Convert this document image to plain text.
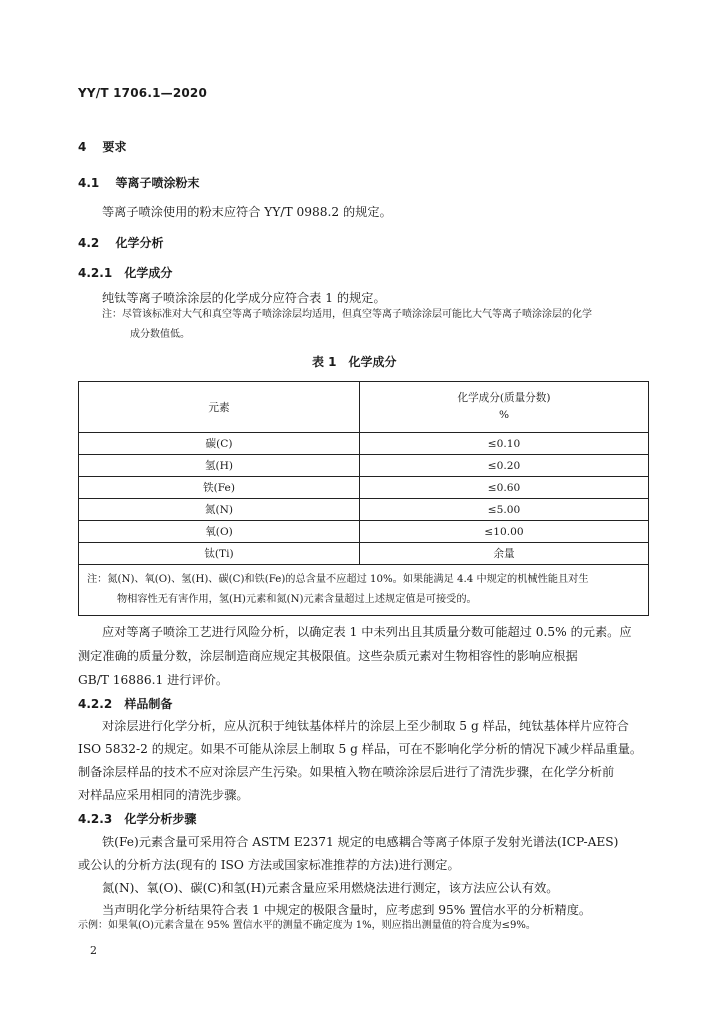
YY/T 1706.1—2020
4 要求
4.1 等离子喷涂粉末
等离子喷涂使用的粉末应符合 YY/T 0988.2 的规定。
4.2 化学分析
4.2.1 化学成分
纯钛等离子喷涂涂层的化学成分应符合表 1 的规定。
注：尽管该标准对大气和真空等离子喷涂涂层均适用，但真空等离子喷涂涂层可能比大气等离子喷涂涂层的化学
成分数值低。
表 1　化学成分
元素	化学成分(质量分数)
%

碳(C)	≤0.10
氢(H)	≤0.20
铁(Fe)	≤0.60
氮(N)	≤5.00
氧(O)	≤10.00
钛(Ti)	余量

注：氮(N)、氧(O)、氢(H)、碳(C)和铁(Fe)的总含量不应超过 10%。如果能满足 4.4 中规定的机械性能且对生
物相容性无有害作用，氢(H)元素和氮(N)元素含量超过上述规定值是可接受的。	
应对等离子喷涂工艺进行风险分析，以确定表 1 中未列出且其质量分数可能超过 0.5% 的元素。应
测定准确的质量分数，涂层制造商应规定其极限值。这些杂质元素对生物相容性的影响应根据
GB/T 16886.1 进行评价。
4.2.2 样品制备
对涂层进行化学分析，应从沉积于纯钛基体样片的涂层上至少制取 5 g 样品，纯钛基体样片应符合
ISO 5832-2 的规定。如果不可能从涂层上制取 5 g 样品，可在不影响化学分析的情况下减少样品重量。
制备涂层样品的技术不应对涂层产生污染。如果植入物在喷涂涂层后进行了清洗步骤，在化学分析前
对样品应采用相同的清洗步骤。
4.2.3 化学分析步骤
铁(Fe)元素含量可采用符合 ASTM E2371 规定的电感耦合等离子体原子发射光谱法(ICP-AES)
或公认的分析方法(现有的 ISO 方法或国家标准推荐的方法)进行测定。
氮(N)、氧(O)、碳(C)和氢(H)元素含量应采用燃烧法进行测定，该方法应公认有效。
当声明化学分析结果符合表 1 中规定的极限含量时，应考虑到 95% 置信水平的分析精度。
示例：如果氧(O)元素含量在 95% 置信水平的测量不确定度为 1%，则应指出测量值的符合度为≤9%。
2
